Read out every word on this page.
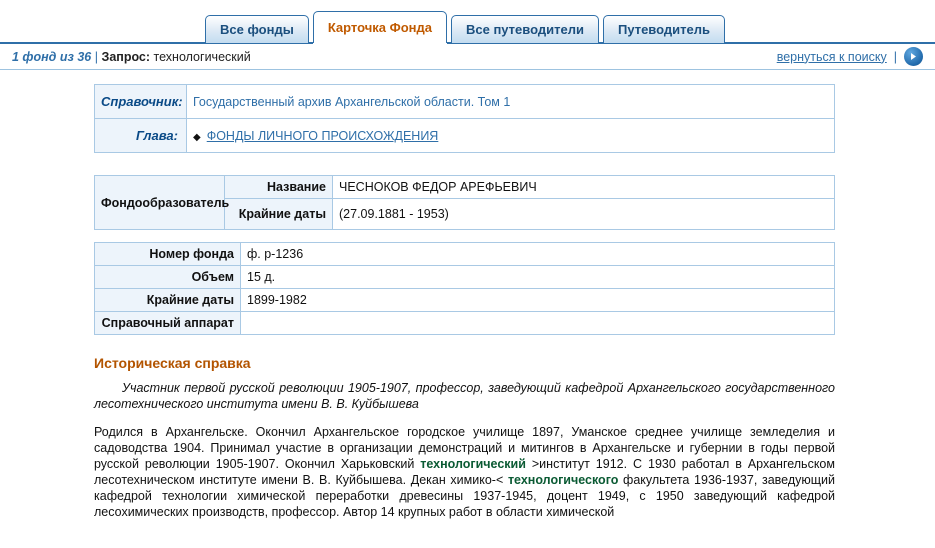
Все фонды	Карточка Фонда	Все путеводители	Путеводитель
1 фонд из 36 | Запрос: технологический	вернуться к поиску |
Справочник:	Государственный архив Архангельской области. Том 1
Глава:	◆ ФОНДЫ ЛИЧНОГО ПРОИСХОЖДЕНИЯ
Фондообразователь	Название	ЧЕСНОКОВ ФЕДОР АРЕФЬЕВИЧ
	Крайние даты	(27.09.1881 - 1953)
Номер фонда	ф. р-1236
Объем	15 д.
Крайние даты	1899-1982
Справочный аппарат	
Историческая справка
Участник первой русской революции 1905-1907, профессор, заведующий кафедрой Архангельского государственного лесотехнического института имени В. В. Куйбышева
Родился в Архангельске. Окончил Архангельское городское училище 1897, Уманское среднее училище земледелия и садоводства 1904. Принимал участие в организации демонстраций и митингов в Архангельске и губернии в годы первой русской революции 1905-1907. Окончил Харьковский технологический >институт 1912. С 1930 работал в Архангельском лесотехническом институте имени В. В. Куйбышева. Декан химико-< технологического факультета 1936-1937, заведующий кафедрой технологии химической переработки древесины 1937-1945, доцент 1949, с 1950 заведующий кафедрой лесохимических производств, профессор. Автор 14 крупных работ в области химической
